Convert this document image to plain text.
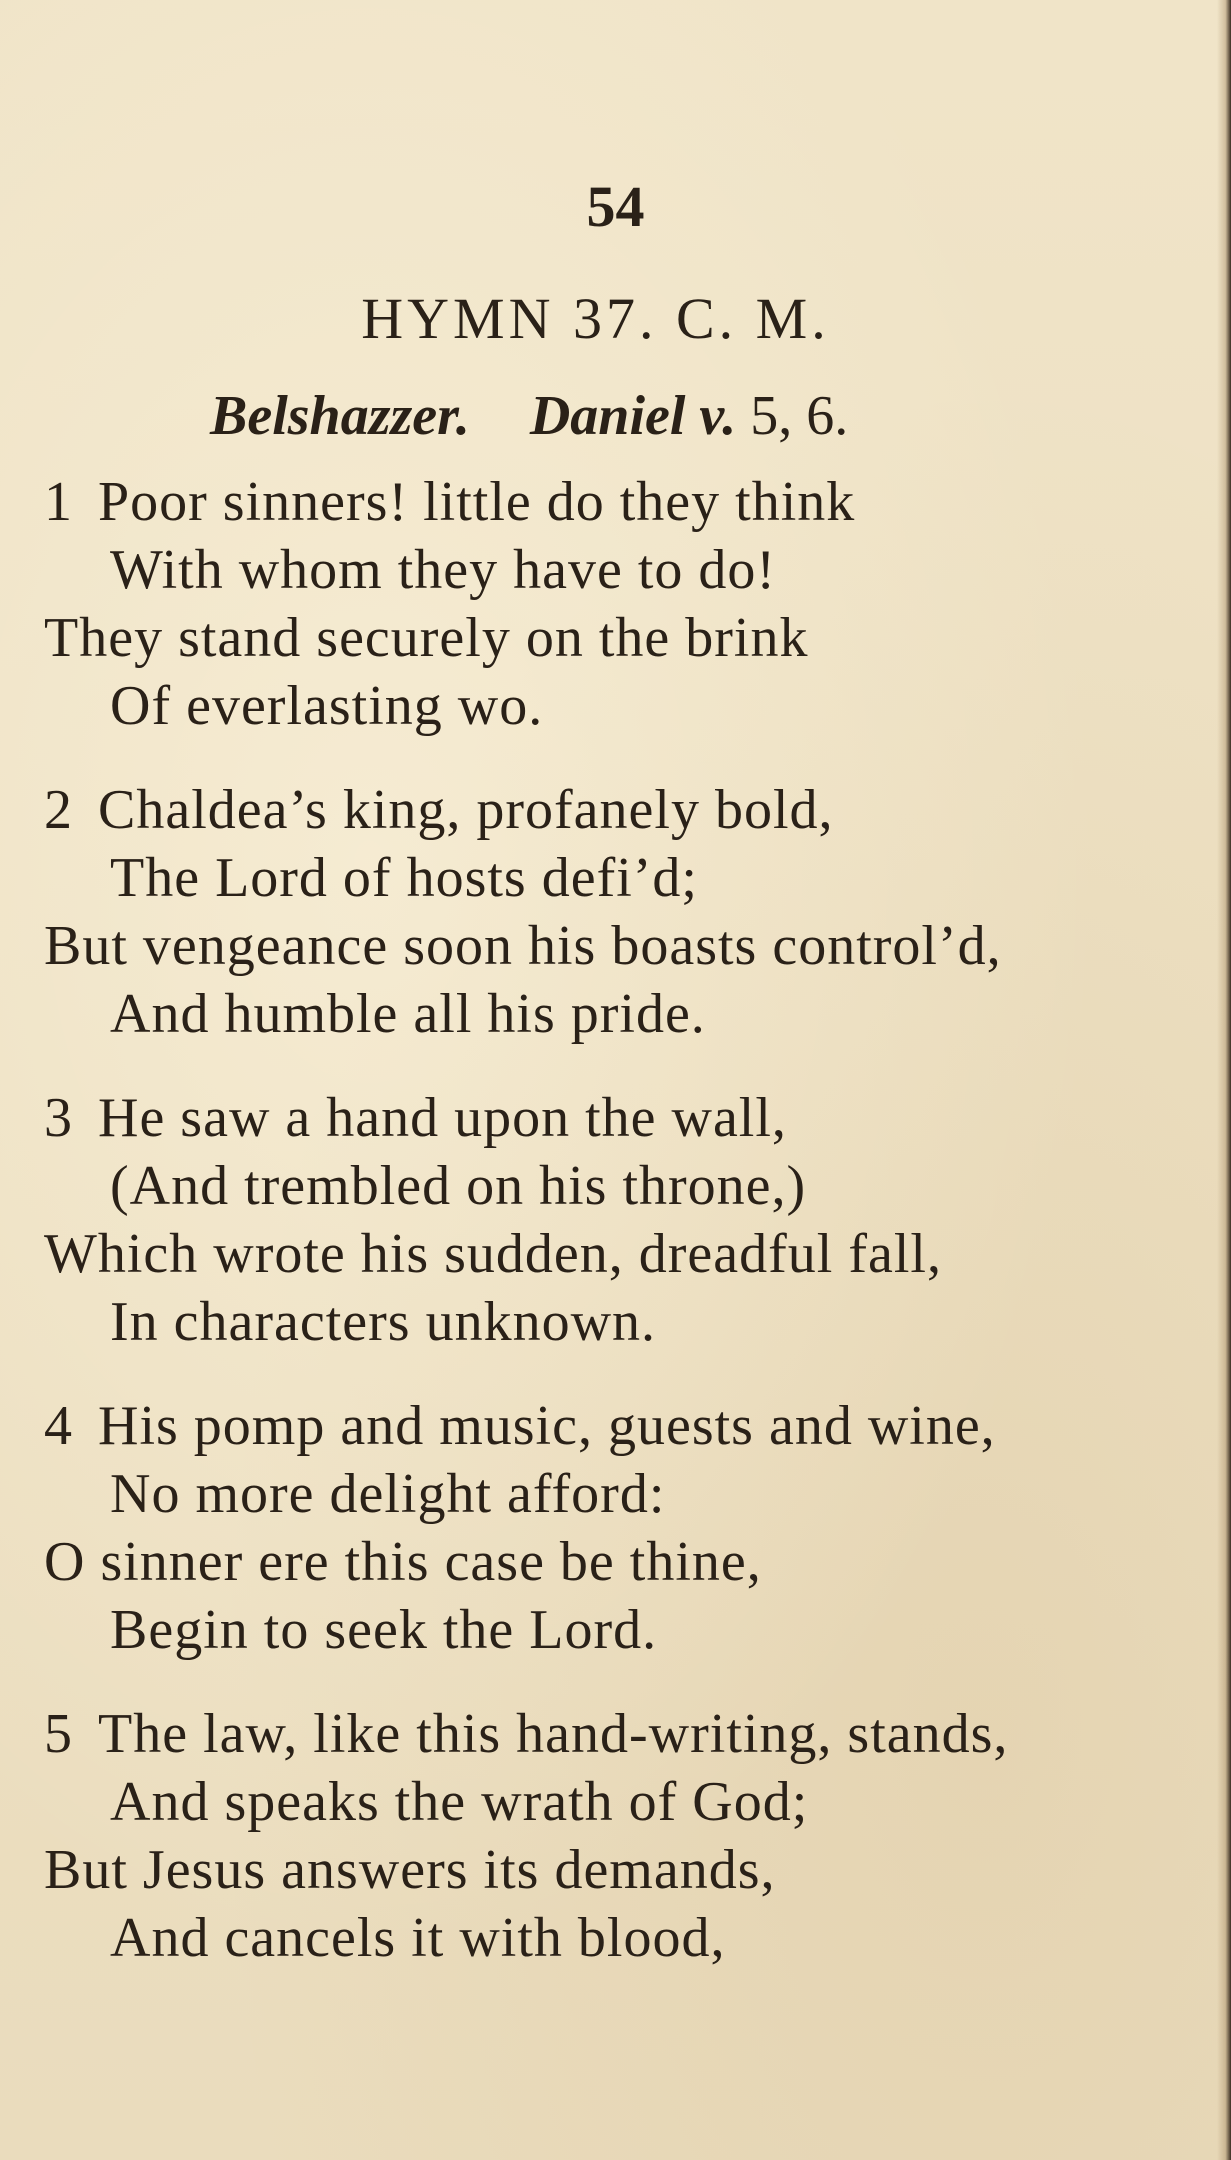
54
HYMN 37. C. M.
Belshazzer. Daniel v. 5, 6.
1 Poor sinners! little do they think
With whom they have to do!
They stand securely on the brink
Of everlasting wo.
2 Chaldea’s king, profanely bold,
The Lord of hosts defi’d;
But vengeance soon his boasts control’d,
And humble all his pride.
3 He saw a hand upon the wall,
(And trembled on his throne,)
Which wrote his sudden, dreadful fall,
In characters unknown.
4 His pomp and music, guests and wine,
No more delight afford:
O sinner ere this case be thine,
Begin to seek the Lord.
5 The law, like this hand-writing, stands,
And speaks the wrath of God;
But Jesus answers its demands,
And cancels it with blood,
